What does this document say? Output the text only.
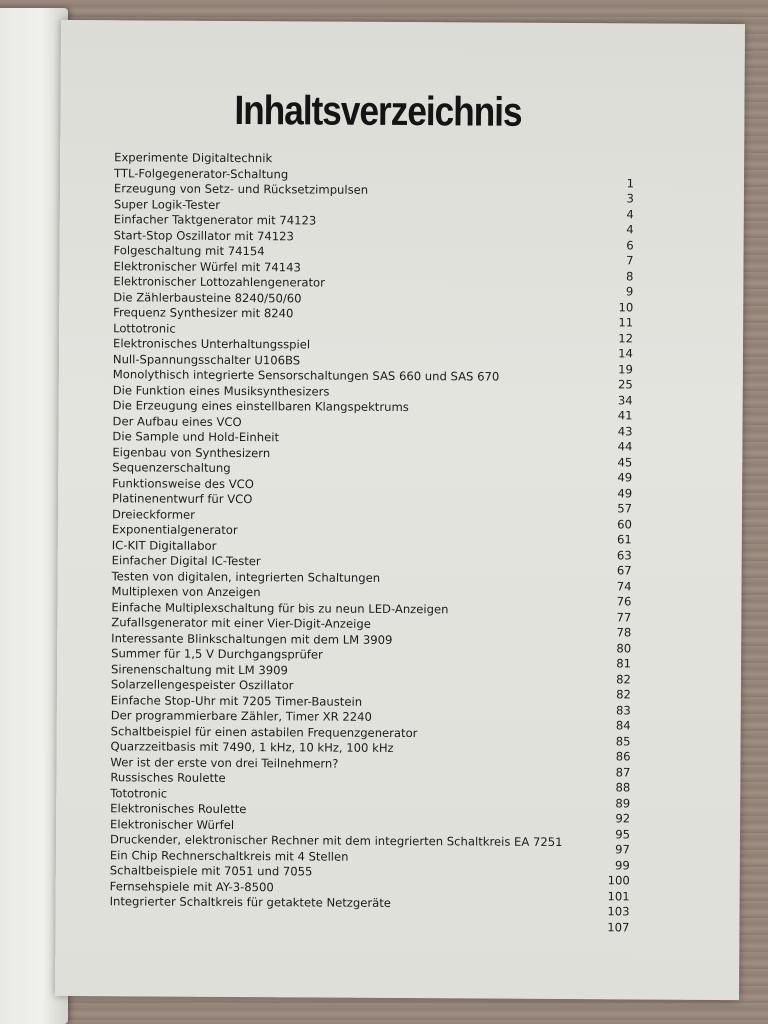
Inhaltsverzeichnis
Experimente Digitaltechnik
TTL-Folgegenerator-Schaltung
1
Erzeugung von Setz- und Rücksetzimpulsen
3
Super Logik-Tester
4
Einfacher Taktgenerator mit 74123
4
Start-Stop Oszillator mit 74123
6
Folgeschaltung mit 74154
7
Elektronischer Würfel mit 74143
8
Elektronischer Lottozahlengenerator
9
Die Zählerbausteine 8240/50/60
10
Frequenz Synthesizer mit 8240
11
Lottotronic
12
Elektronisches Unterhaltungsspiel
14
Null-Spannungsschalter U106BS
19
Monolythisch integrierte Sensorschaltungen SAS 660 und SAS 670
25
Die Funktion eines Musiksynthesizers
34
Die Erzeugung eines einstellbaren Klangspektrums
41
Der Aufbau eines VCO
43
Die Sample und Hold-Einheit
44
Eigenbau von Synthesizern
45
Sequenzerschaltung
49
Funktionsweise des VCO
49
Platinenentwurf für VCO
57
Dreieckformer
60
Exponentialgenerator
61
IC-KIT Digitallabor
63
Einfacher Digital IC-Tester
67
Testen von digitalen, integrierten Schaltungen
74
Multiplexen von Anzeigen
76
Einfache Multiplexschaltung für bis zu neun LED-Anzeigen
77
Zufallsgenerator mit einer Vier-Digit-Anzeige
78
Interessante Blinkschaltungen mit dem LM 3909
80
Summer für 1,5 V Durchgangsprüfer
81
Sirenenschaltung mit LM 3909
82
Solarzellengespeister Oszillator
82
Einfache Stop-Uhr mit 7205 Timer-Baustein
83
Der programmierbare Zähler, Timer XR 2240
84
Schaltbeispiel für einen astabilen Frequenzgenerator
85
Quarzzeitbasis mit 7490, 1 kHz, 10 kHz, 100 kHz
86
Wer ist der erste von drei Teilnehmern?
87
Russisches Roulette
88
Tototronic
89
Elektronisches Roulette
92
Elektronischer Würfel
95
Druckender, elektronischer Rechner mit dem integrierten Schaltkreis EA 7251
97
Ein Chip Rechnerschaltkreis mit 4 Stellen
99
Schaltbeispiele mit 7051 und 7055
100
Fernsehspiele mit AY-3-8500
101
Integrierter Schaltkreis für getaktete Netzgeräte
103
107
